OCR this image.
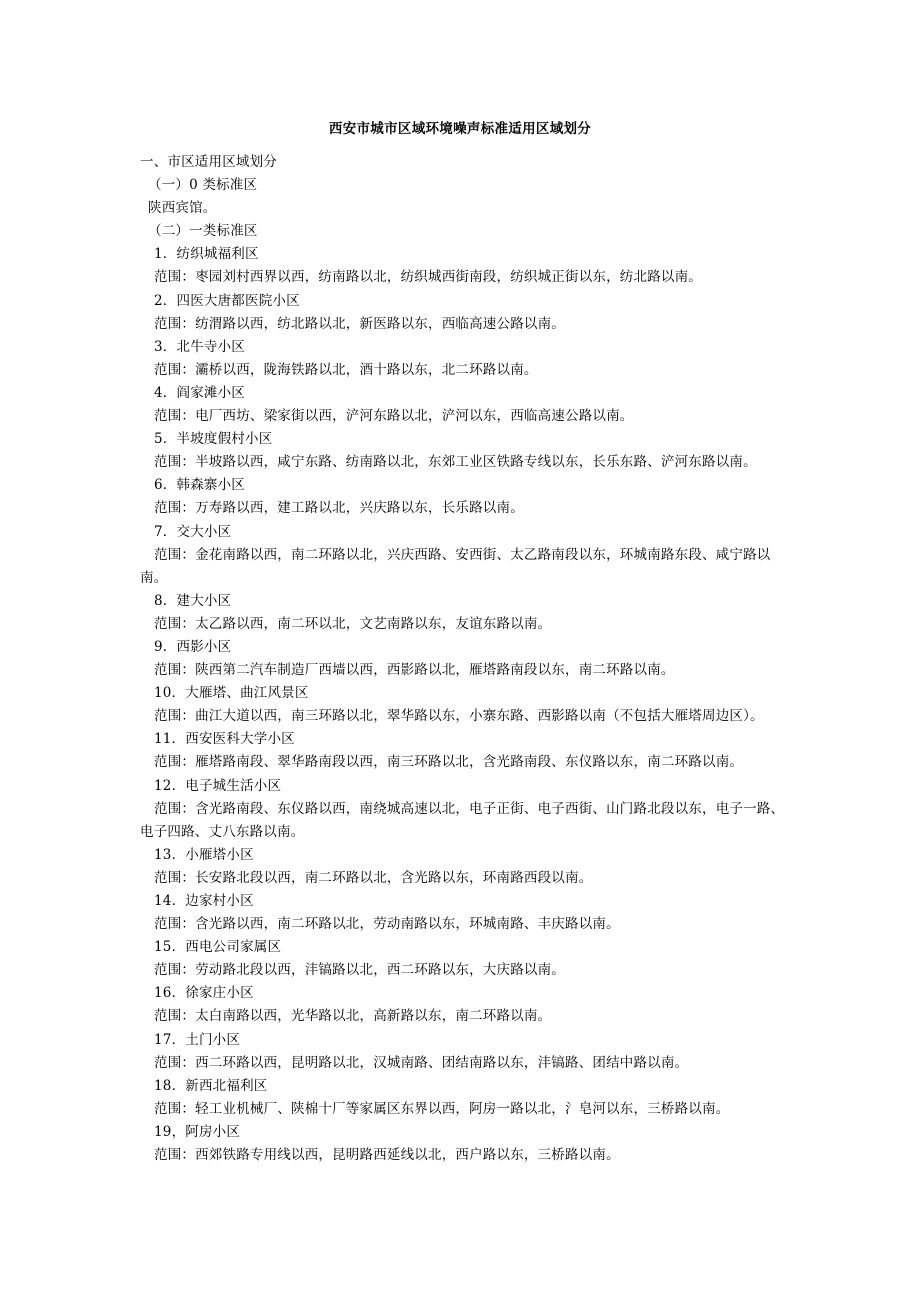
西安市城市区域环境噪声标准适用区域划分
一、市区适用区域划分
（一）0 类标准区
陕西宾馆。
（二）一类标准区
1．纺织城福利区
范围：枣园刘村西界以西，纺南路以北，纺织城西街南段，纺织城正街以东，纺北路以南。
2．四医大唐都医院小区
范围：纺渭路以西，纺北路以北，新医路以东，西临高速公路以南。
3．北牛寺小区
范围：灞桥以西，陇海铁路以北，酒十路以东，北二环路以南。
4．阎家滩小区
范围：电厂西坊、梁家街以西，浐河东路以北，浐河以东，西临高速公路以南。
5．半坡度假村小区
范围：半坡路以西，咸宁东路、纺南路以北，东郊工业区铁路专线以东，长乐东路、浐河东路以南。
6．韩森寨小区
范围：万寿路以西，建工路以北，兴庆路以东，长乐路以南。
7．交大小区
范围：金花南路以西，南二环路以北，兴庆西路、安西街、太乙路南段以东，环城南路东段、咸宁路以
南。
8．建大小区
范围：太乙路以西，南二环以北，文艺南路以东，友谊东路以南。
9．西影小区
范围：陕西第二汽车制造厂西墙以西，西影路以北，雁塔路南段以东，南二环路以南。
10．大雁塔、曲江风景区
范围：曲江大道以西，南三环路以北，翠华路以东，小寨东路、西影路以南（不包括大雁塔周边区）。
11．西安医科大学小区
范围：雁塔路南段、翠华路南段以西，南三环路以北，含光路南段、东仪路以东，南二环路以南。
12．电子城生活小区
范围：含光路南段、东仪路以西，南绕城高速以北，电子正街、电子西街、山门路北段以东，电子一路、
电子四路、丈八东路以南。
13．小雁塔小区
范围：长安路北段以西，南二环路以北，含光路以东，环南路西段以南。
14．边家村小区
范围：含光路以西，南二环路以北，劳动南路以东，环城南路、丰庆路以南。
15．西电公司家属区
范围：劳动路北段以西，沣镐路以北，西二环路以东，大庆路以南。
16．徐家庄小区
范围：太白南路以西，光华路以北，高新路以东，南二环路以南。
17．土门小区
范围：西二环路以西，昆明路以北，汉城南路、团结南路以东，沣镐路、团结中路以南。
18．新西北福利区
范围：轻工业机械厂、陕棉十厂等家属区东界以西，阿房一路以北，氵皂河以东，三桥路以南。
19，阿房小区
范围：西郊铁路专用线以西，昆明路西延线以北，西户路以东，三桥路以南。
